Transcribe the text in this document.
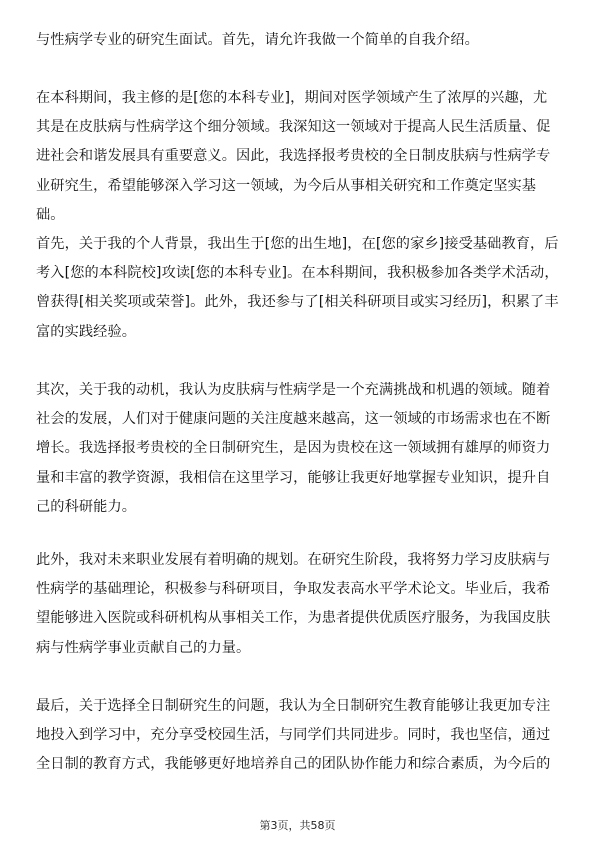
与性病学专业的研究生面试。首先，请允许我做一个简单的自我介绍。
在本科期间，我主修的是[您的本科专业]，期间对医学领域产生了浓厚的兴趣，尤
其是在皮肤病与性病学这个细分领域。我深知这一领域对于提高人民生活质量、促
进社会和谐发展具有重要意义。因此，我选择报考贵校的全日制皮肤病与性病学专
业研究生，希望能够深入学习这一领域，为今后从事相关研究和工作奠定坚实基
础。
首先，关于我的个人背景，我出生于[您的出生地]，在[您的家乡]接受基础教育，后
考入[您的本科院校]攻读[您的本科专业]。在本科期间，我积极参加各类学术活动，
曾获得[相关奖项或荣誉]。此外，我还参与了[相关科研项目或实习经历]，积累了丰
富的实践经验。
其次，关于我的动机，我认为皮肤病与性病学是一个充满挑战和机遇的领域。随着
社会的发展，人们对于健康问题的关注度越来越高，这一领域的市场需求也在不断
增长。我选择报考贵校的全日制研究生，是因为贵校在这一领域拥有雄厚的师资力
量和丰富的教学资源，我相信在这里学习，能够让我更好地掌握专业知识，提升自
己的科研能力。
此外，我对未来职业发展有着明确的规划。在研究生阶段，我将努力学习皮肤病与
性病学的基础理论，积极参与科研项目，争取发表高水平学术论文。毕业后，我希
望能够进入医院或科研机构从事相关工作，为患者提供优质医疗服务，为我国皮肤
病与性病学事业贡献自己的力量。
最后，关于选择全日制研究生的问题，我认为全日制研究生教育能够让我更加专注
地投入到学习中，充分享受校园生活，与同学们共同进步。同时，我也坚信，通过
全日制的教育方式，我能够更好地培养自己的团队协作能力和综合素质，为今后的
第3页，共58页
